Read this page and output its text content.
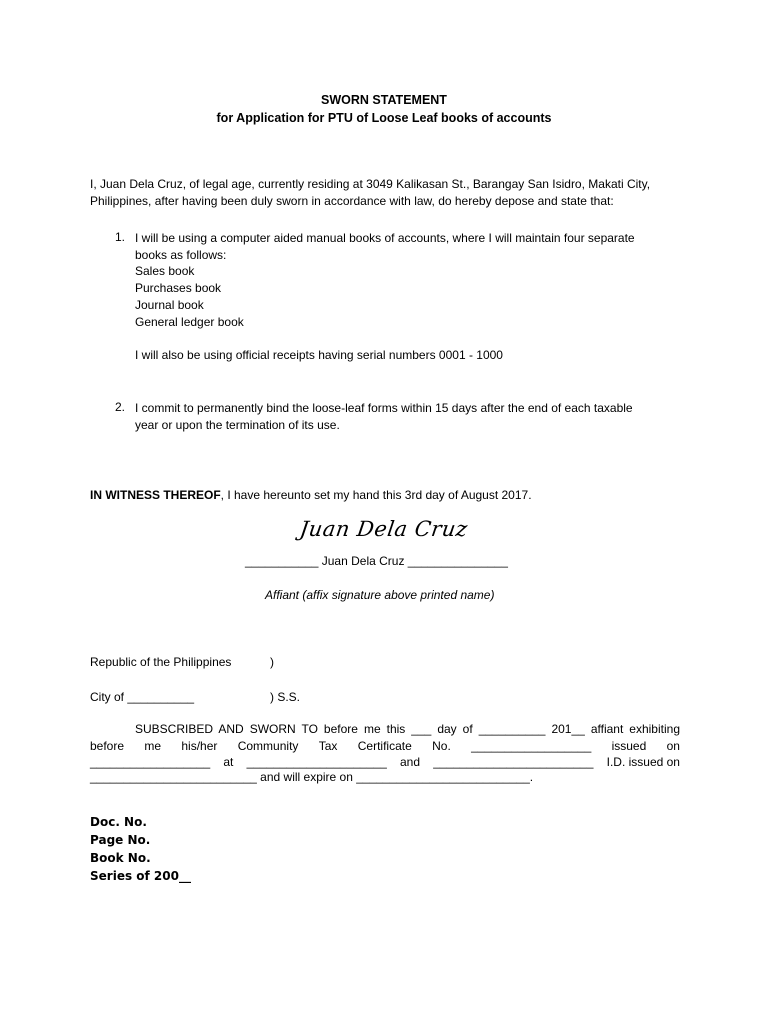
SWORN STATEMENT
for Application for PTU of Loose Leaf books of accounts
I, Juan Dela Cruz, of legal age, currently residing at 3049 Kalikasan St., Barangay San Isidro, Makati City, Philippines, after having been duly sworn in accordance with law, do hereby depose and state that:
1. I will be using a computer aided manual books of accounts, where I will maintain four separate
books as follows:
Sales book
Purchases book
Journal book
General ledger book
I will also be using official receipts having serial numbers 0001 - 1000
2. I commit to permanently bind the loose-leaf forms within 15 days after the end of each taxable
year or upon the termination of its use.
IN WITNESS THEREOF, I have hereunto set my hand this 3rd day of August 2017.
Juan Dela Cruz
___________ Juan Dela Cruz _______________
Affiant (affix signature above printed name)
Republic of the Philippines	)
City of __________	) S.S.
SUBSCRIBED AND SWORN TO before me this ___ day of __________ 201__ affiant exhibiting
before me his/her Community Tax Certificate No. __________________ issued on
__________________ at _____________________ and ________________________ I.D. issued on
_________________________ and will expire on __________________________.
Doc. No.
Page No.
Book No.
Series of 200__
